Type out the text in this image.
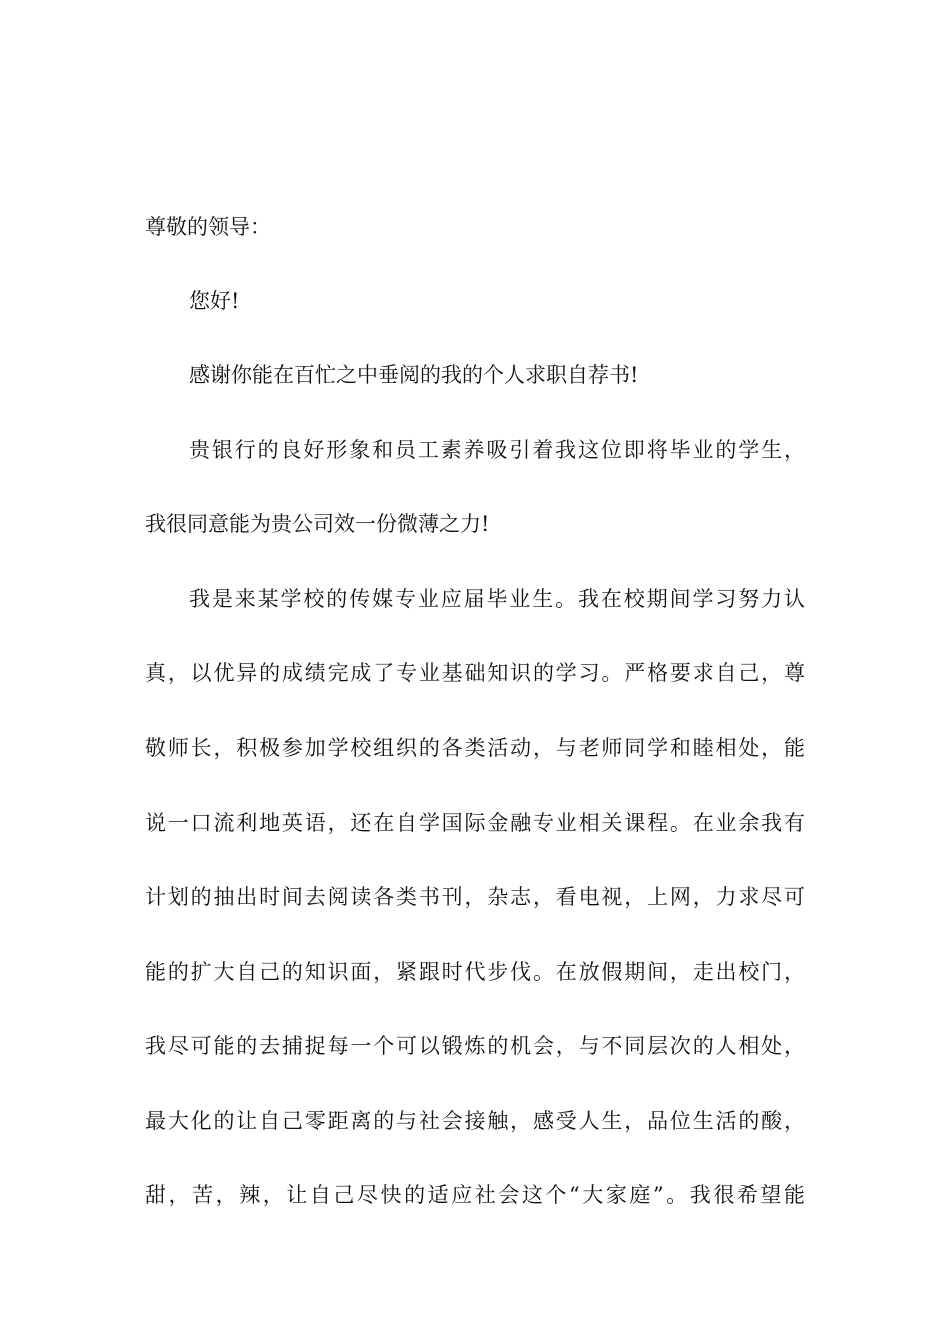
尊敬的领导：
您好!
感谢你能在百忙之中垂阅的我的个人求职自荐书!
贵银行的良好形象和员工素养吸引着我这位即将毕业的学生，
我很同意能为贵公司效一份微薄之力!
我是来某学校的传媒专业应届毕业生。我在校期间学习努力认
真，以优异的成绩完成了专业基础知识的学习。严格要求自己，尊
敬师长，积极参加学校组织的各类活动，与老师同学和睦相处，能
说一口流利地英语，还在自学国际金融专业相关课程。在业余我有
计划的抽出时间去阅读各类书刊，杂志，看电视，上网，力求尽可
能的扩大自己的知识面，紧跟时代步伐。在放假期间，走出校门，
我尽可能的去捕捉每一个可以锻炼的机会，与不同层次的人相处，
最大化的让自己零距离的与社会接触，感受人生，品位生活的酸，
甜，苦，辣，让自己尽快的适应社会这个“大家庭”。我很希望能
